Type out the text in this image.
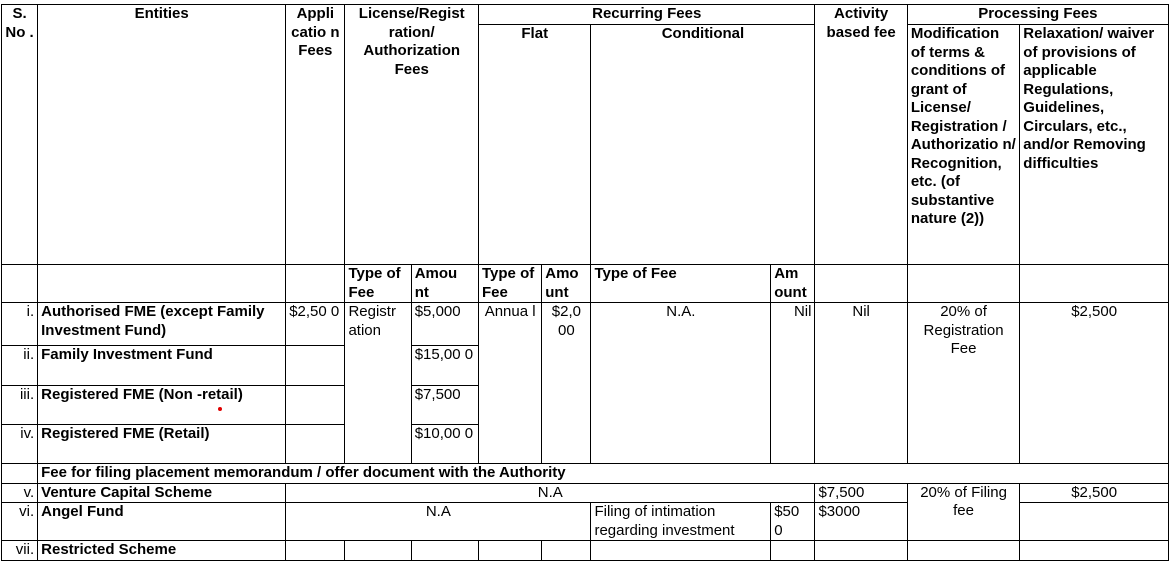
S. No .	Entities	Appli catio n Fees	License/Regist ration/ Authorization Fees		Recurring Fees				Activity based fee	Processing Fees	
					Flat		Conditional			Modification of terms & conditions of grant of License/ Registration / Authorizatio n/ Recognition, etc. (of substantive nature (2))	Relaxation/ waiver of provisions of applicable Regulations, Guidelines, Circulars, etc., and/or Removing difficulties
			Type of Fee	Amou nt	Type of Fee	Amo unt	Type of Fee	Am ount			
i.	Authorised FME (except Family Investment Fund)	$2,50 0	Registr ation	$5,000	Annua l	$2,0 00	N.A.	Nil	Nil	20% of Registration Fee	$2,500
ii.	Family Investment Fund			$15,00 0							
iii.	Registered FME (Non -retail)			$7,500							
iv.	Registered FME (Retail)			$10,00 0							
	Fee for filing placement memorandum / offer document with the Authority										
v.	Venture Capital Scheme	N.A							$7,500	20% of Filing fee	$2,500
vi.	Angel Fund	N.A					Filing of intimation regarding investment	$50 0	$3000		
vii.	Restricted Scheme										
